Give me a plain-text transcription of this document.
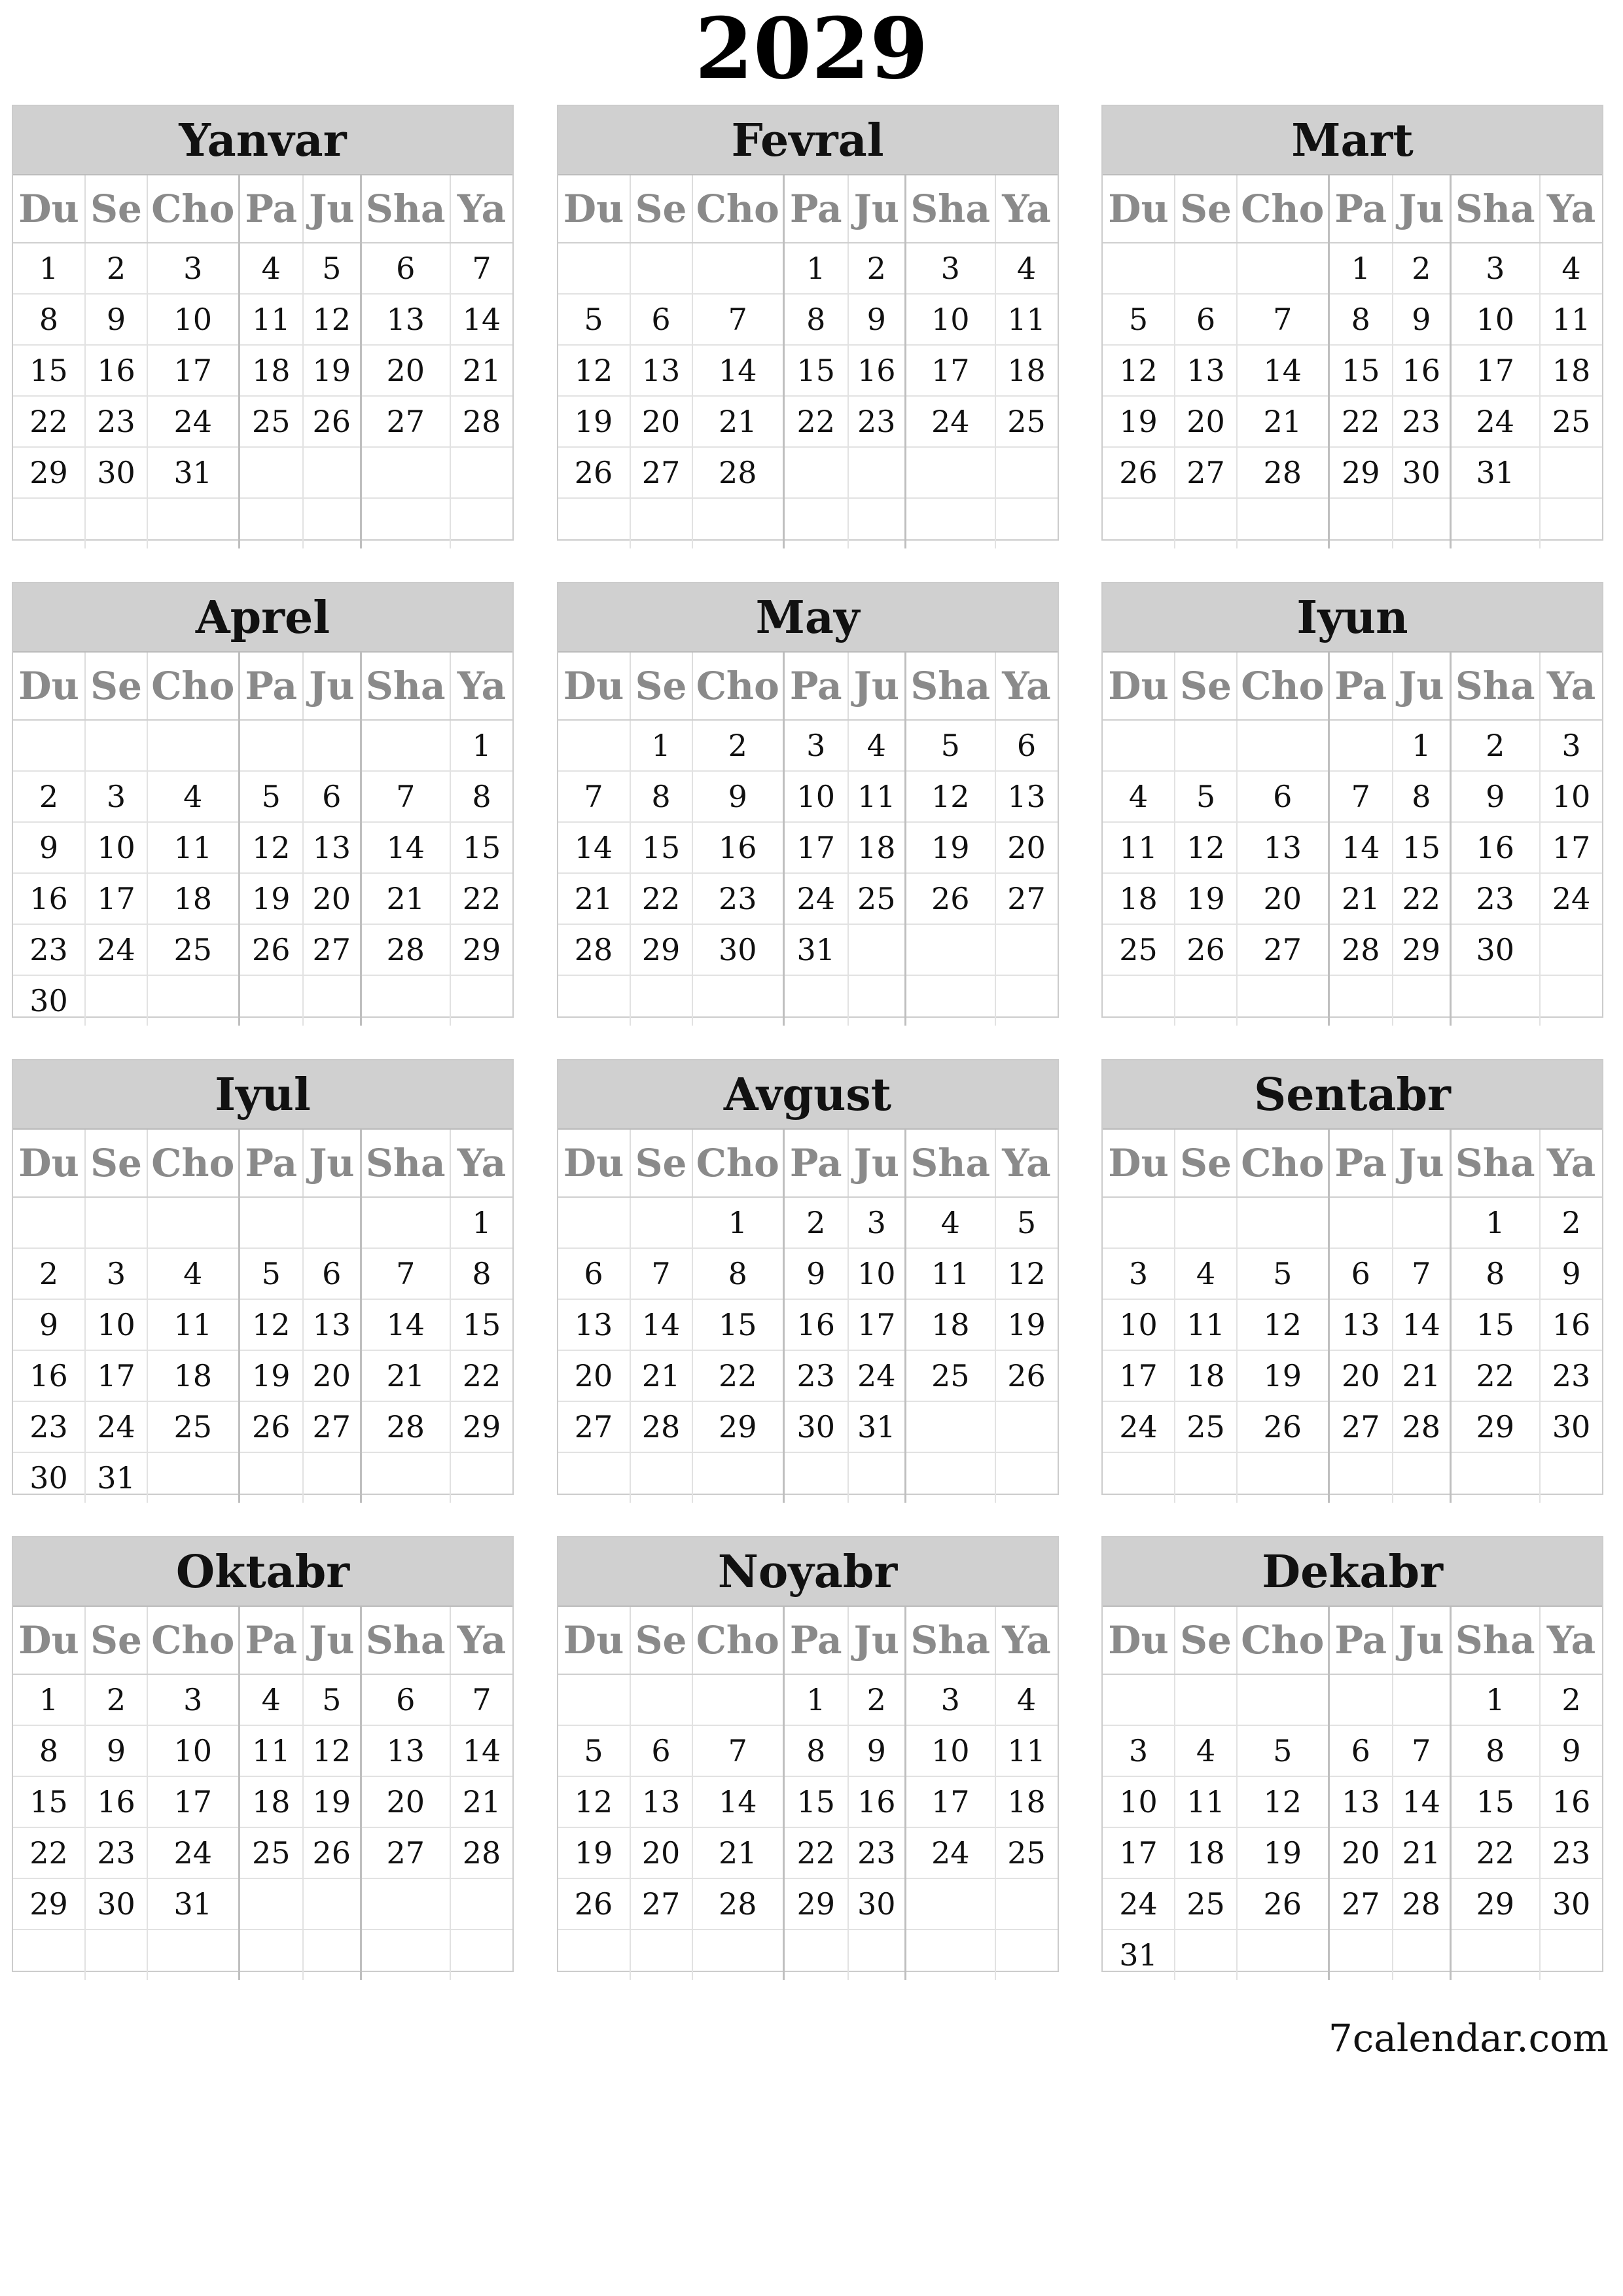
2029
Yanvar
Du	Se	Cho	Pa	Ju	Sha	Ya
1	2	3	4	5	6	7
8	9	10	11	12	13	14
15	16	17	18	19	20	21
22	23	24	25	26	27	28
29	30	31				

Fevral
Du	Se	Cho	Pa	Ju	Sha	Ya
			1	2	3	4
5	6	7	8	9	10	11
12	13	14	15	16	17	18
19	20	21	22	23	24	25
26	27	28				

Mart
Du	Se	Cho	Pa	Ju	Sha	Ya
			1	2	3	4
5	6	7	8	9	10	11
12	13	14	15	16	17	18
19	20	21	22	23	24	25
26	27	28	29	30	31	

Aprel
Du	Se	Cho	Pa	Ju	Sha	Ya
						1
2	3	4	5	6	7	8
9	10	11	12	13	14	15
16	17	18	19	20	21	22
23	24	25	26	27	28	29
30						
May
Du	Se	Cho	Pa	Ju	Sha	Ya
	1	2	3	4	5	6
7	8	9	10	11	12	13
14	15	16	17	18	19	20
21	22	23	24	25	26	27
28	29	30	31			

Iyun
Du	Se	Cho	Pa	Ju	Sha	Ya
				1	2	3
4	5	6	7	8	9	10
11	12	13	14	15	16	17
18	19	20	21	22	23	24
25	26	27	28	29	30	

Iyul
Du	Se	Cho	Pa	Ju	Sha	Ya
						1
2	3	4	5	6	7	8
9	10	11	12	13	14	15
16	17	18	19	20	21	22
23	24	25	26	27	28	29
30	31					
Avgust
Du	Se	Cho	Pa	Ju	Sha	Ya
		1	2	3	4	5
6	7	8	9	10	11	12
13	14	15	16	17	18	19
20	21	22	23	24	25	26
27	28	29	30	31		

Sentabr
Du	Se	Cho	Pa	Ju	Sha	Ya
					1	2
3	4	5	6	7	8	9
10	11	12	13	14	15	16
17	18	19	20	21	22	23
24	25	26	27	28	29	30

Oktabr
Du	Se	Cho	Pa	Ju	Sha	Ya
1	2	3	4	5	6	7
8	9	10	11	12	13	14
15	16	17	18	19	20	21
22	23	24	25	26	27	28
29	30	31				

Noyabr
Du	Se	Cho	Pa	Ju	Sha	Ya
			1	2	3	4
5	6	7	8	9	10	11
12	13	14	15	16	17	18
19	20	21	22	23	24	25
26	27	28	29	30		

Dekabr
Du	Se	Cho	Pa	Ju	Sha	Ya
					1	2
3	4	5	6	7	8	9
10	11	12	13	14	15	16
17	18	19	20	21	22	23
24	25	26	27	28	29	30
31						
7calendar.com
